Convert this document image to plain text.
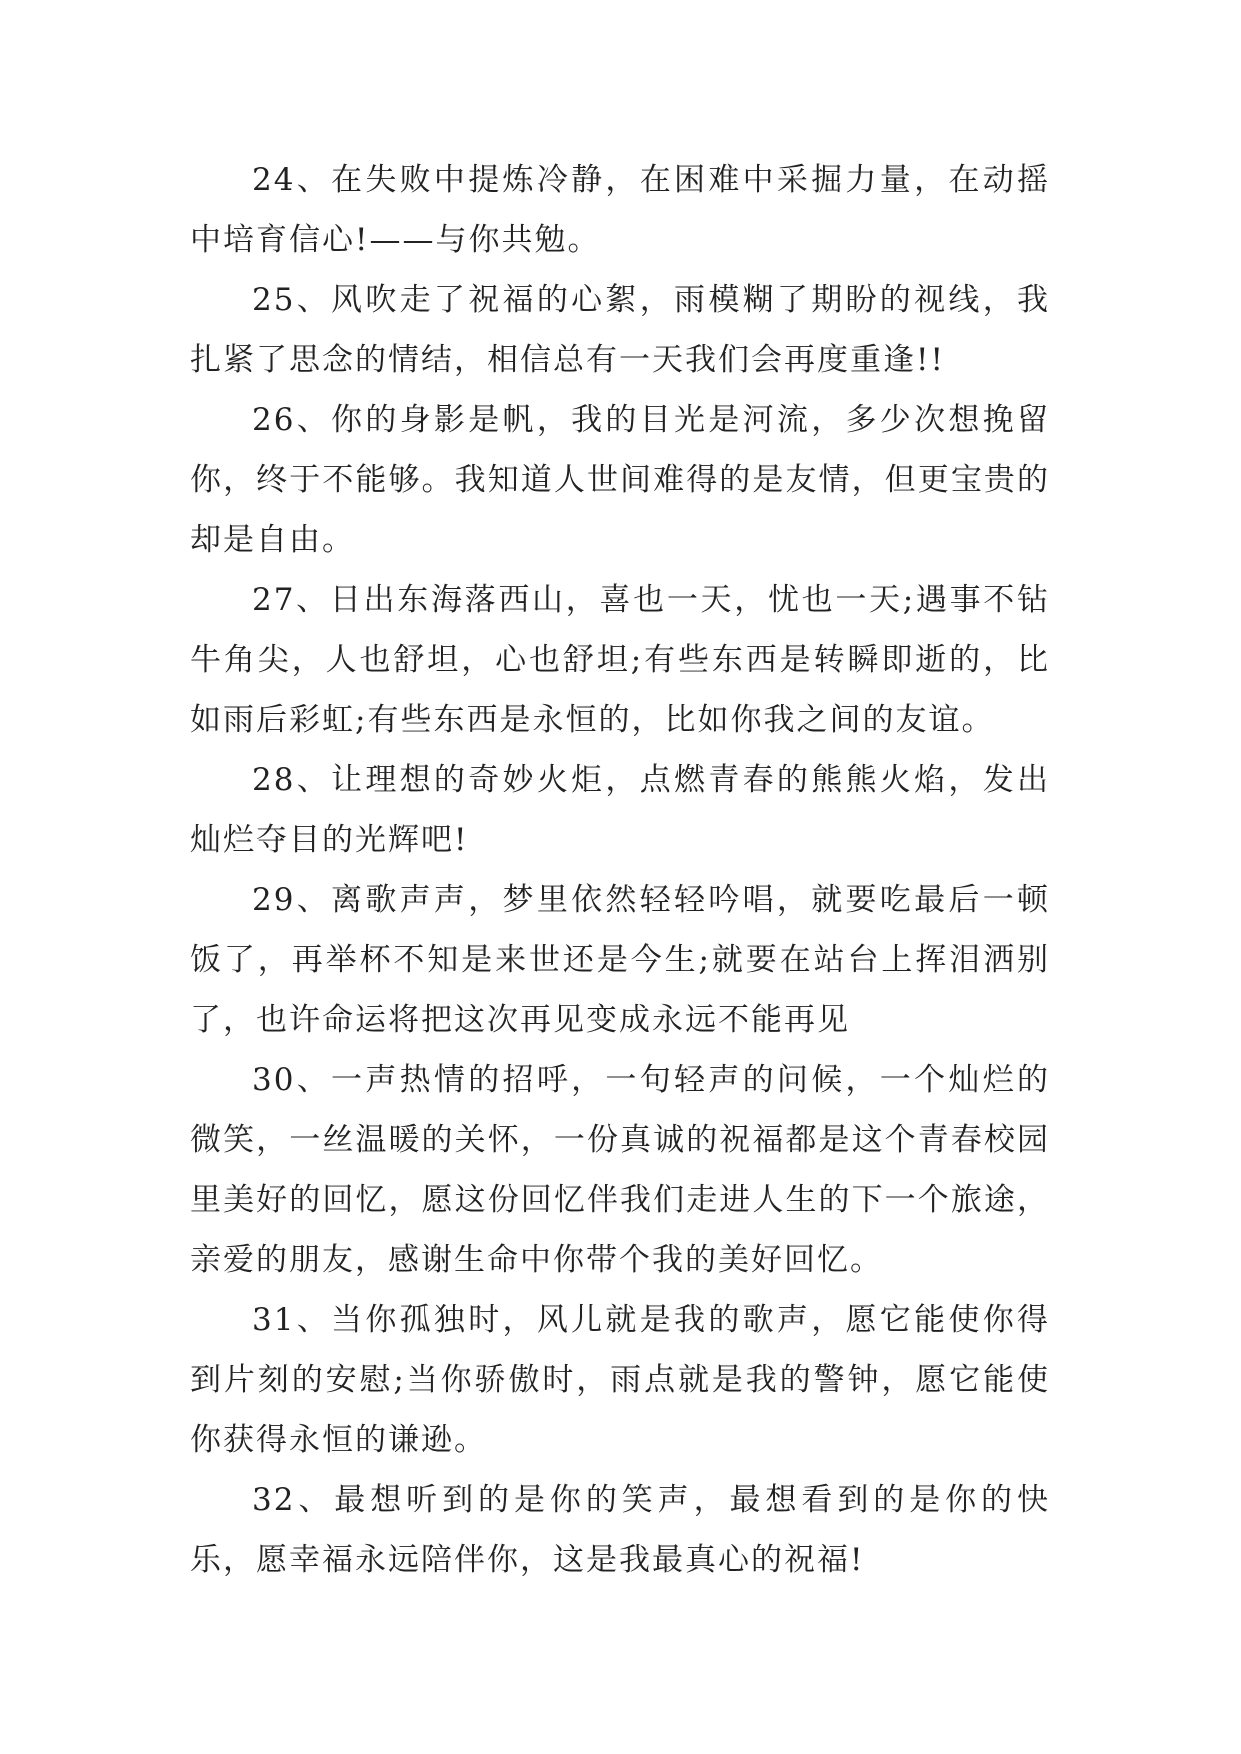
24、在失败中提炼冷静，在困难中采掘力量，在动摇中培育信心!——与你共勉。

25、风吹走了祝福的心絮，雨模糊了期盼的视线，我扎紧了思念的情结，相信总有一天我们会再度重逢!!

26、你的身影是帆，我的目光是河流，多少次想挽留你，终于不能够。我知道人世间难得的是友情，但更宝贵的却是自由。

27、日出东海落西山，喜也一天，忧也一天;遇事不钻牛角尖，人也舒坦，心也舒坦;有些东西是转瞬即逝的，比如雨后彩虹;有些东西是永恒的，比如你我之间的友谊。

28、让理想的奇妙火炬，点燃青春的熊熊火焰，发出灿烂夺目的光辉吧!

29、离歌声声，梦里依然轻轻吟唱，就要吃最后一顿饭了，再举杯不知是来世还是今生;就要在站台上挥泪洒别了，也许命运将把这次再见变成永远不能再见

30、一声热情的招呼，一句轻声的问候，一个灿烂的微笑，一丝温暖的关怀，一份真诚的祝福都是这个青春校园里美好的回忆，愿这份回忆伴我们走进人生的下一个旅途，亲爱的朋友，感谢生命中你带个我的美好回忆。

31、当你孤独时，风儿就是我的歌声，愿它能使你得到片刻的安慰;当你骄傲时，雨点就是我的警钟，愿它能使你获得永恒的谦逊。

32、最想听到的是你的笑声，最想看到的是你的快乐，愿幸福永远陪伴你，这是我最真心的祝福!
